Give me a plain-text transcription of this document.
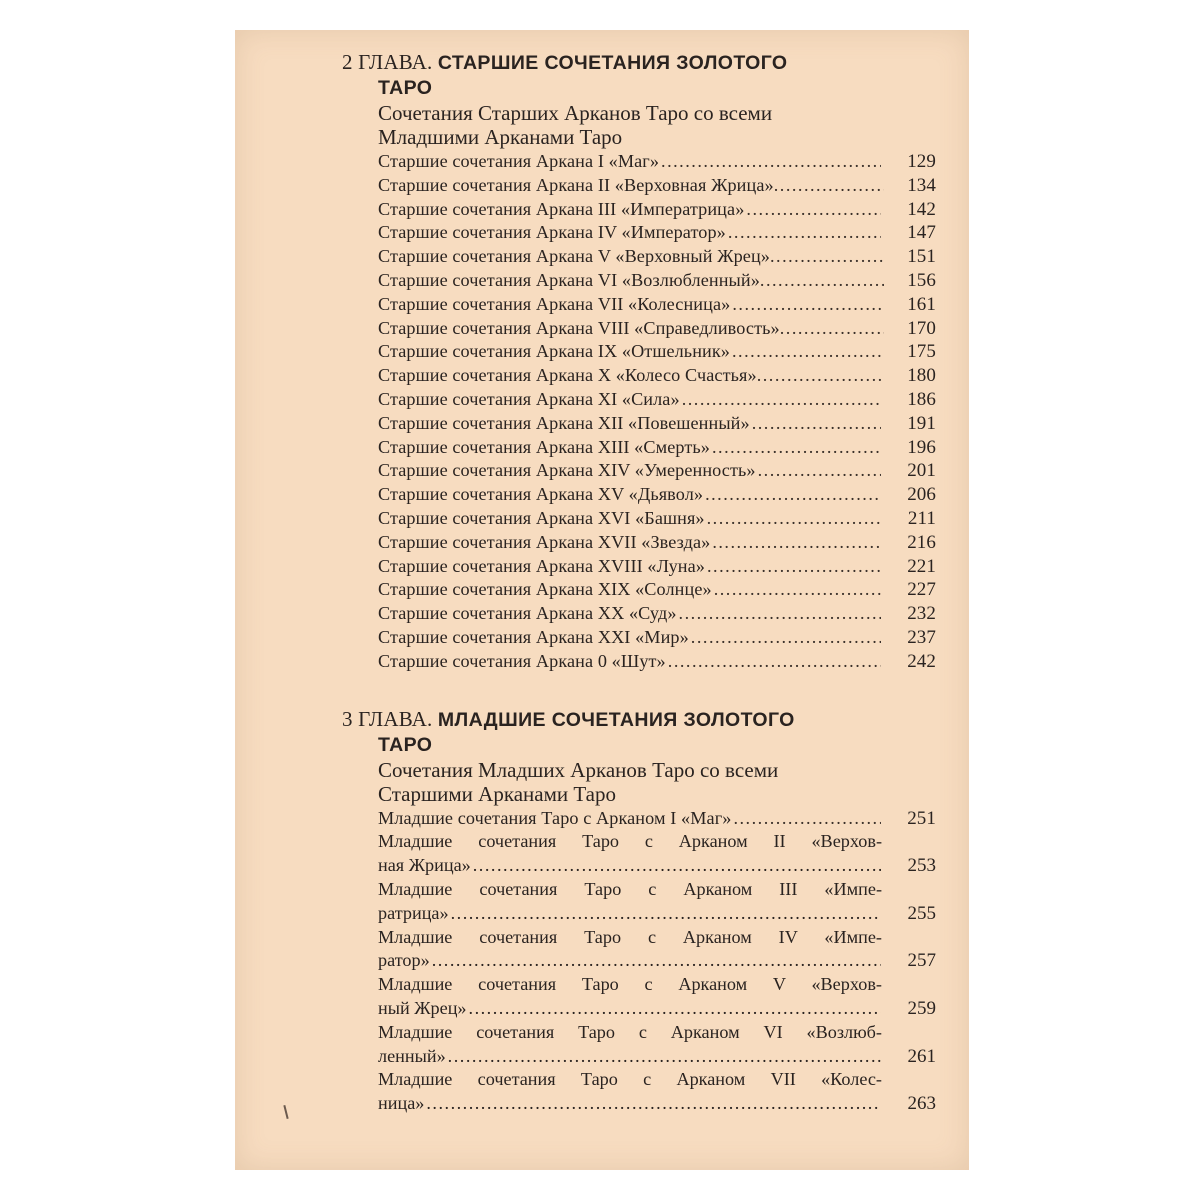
2 ГЛАВА. СТАРШИЕ СОЧЕТАНИЯ ЗОЛОТОГО
ТАРО
Сочетания Старших Арканов Таро со всеми
Младшими Арканами Таро
Старшие сочетания Аркана I «Маг» .....	129
Старшие сочетания Аркана II «Верховная Жрица» .....	134
Старшие сочетания Аркана III «Императрица» .....	142
Старшие сочетания Аркана IV «Император» .....	147
Старшие сочетания Аркана V «Верховный Жрец» .....	151
Старшие сочетания Аркана VI «Возлюбленный» .....	156
Старшие сочетания Аркана VII «Колесница» .....	161
Старшие сочетания Аркана VIII «Справедливость» .....	170
Старшие сочетания Аркана IX «Отшельник» .....	175
Старшие сочетания Аркана X «Колесо Счастья» .....	180
Старшие сочетания Аркана XI «Сила» .....	186
Старшие сочетания Аркана XII «Повешенный» .....	191
Старшие сочетания Аркана XIII «Смерть» .....	196
Старшие сочетания Аркана XIV «Умеренность» .....	201
Старшие сочетания Аркана XV «Дьявол» .....	206
Старшие сочетания Аркана XVI «Башня» .....	211
Старшие сочетания Аркана XVII «Звезда» .....	216
Старшие сочетания Аркана XVIII «Луна» .....	221
Старшие сочетания Аркана XIX «Солнце» .....	227
Старшие сочетания Аркана XX «Суд» .....	232
Старшие сочетания Аркана XXI «Мир» .....	237
Старшие сочетания Аркана 0 «Шут» .....	242
3 ГЛАВА. МЛАДШИЕ СОЧЕТАНИЯ ЗОЛОТОГО
ТАРО
Сочетания Младших Арканов Таро со всеми
Старшими Арканами Таро
Младшие сочетания Таро с Арканом I «Маг» .....	251
Младшие сочетания Таро с Арканом II «Верхов-
ная Жрица» .....	253
Младшие сочетания Таро с Арканом III «Импе-
ратрица» .....	255
Младшие сочетания Таро с Арканом IV «Импе-
ратор» .....	257
Младшие сочетания Таро с Арканом V «Верхов-
ный Жрец» .....	259
Младшие сочетания Таро с Арканом VI «Возлюб-
ленный» .....	261
Младшие сочетания Таро с Арканом VII «Колес-
ница» .....	263
